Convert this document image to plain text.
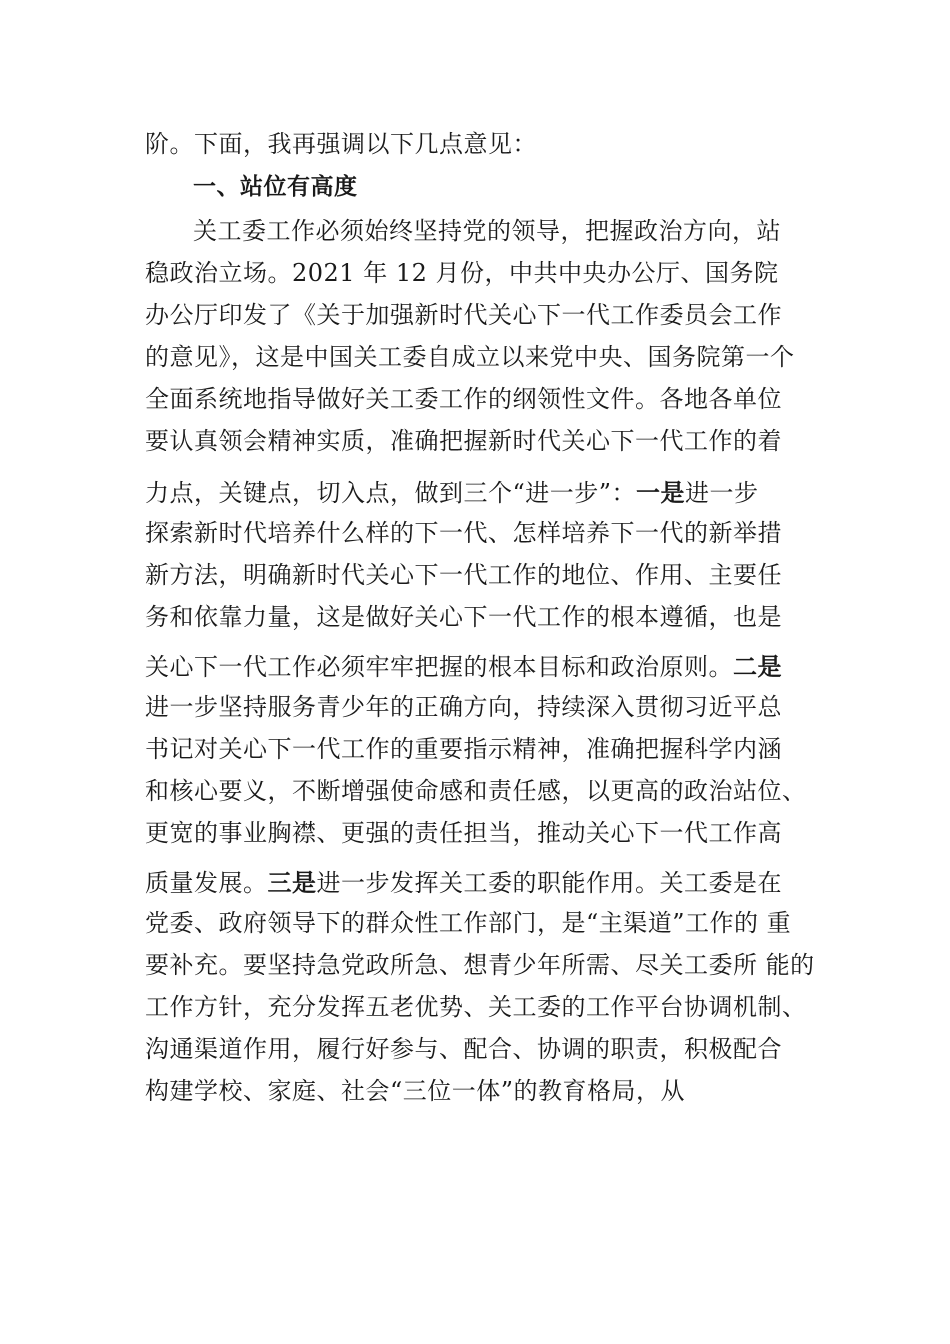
阶。下面，我再强调以下几点意见：
一、站位有高度
关工委工作必须始终坚持党的领导，把握政治方向，站
稳政治立场。2021 年 12 月份，中共中央办公厅、国务院
办公厅印发了《关于加强新时代关心下一代工作委员会工作
的意见》，这是中国关工委自成立以来党中央、国务院第一个
全面系统地指导做好关工委工作的纲领性文件。各地各单位
要认真领会精神实质，准确把握新时代关心下一代工作的着
力点，关键点，切入点，做到三个“进一步”：一是进一步
探索新时代培养什么样的下一代、怎样培养下一代的新举措
新方法，明确新时代关心下一代工作的地位、作用、主要任
务和依靠力量，这是做好关心下一代工作的根本遵循，也是
关心下一代工作必须牢牢把握的根本目标和政治原则。二是
进一步坚持服务青少年的正确方向，持续深入贯彻习近平总
书记对关心下一代工作的重要指示精神，准确把握科学内涵
和核心要义，不断增强使命感和责任感，以更高的政治站位、
更宽的事业胸襟、更强的责任担当，推动关心下一代工作高
质量发展。三是进一步发挥关工委的职能作用。关工委是在
党委、政府领导下的群众性工作部门，是“主渠道”工作的 重
要补充。要坚持急党政所急、想青少年所需、尽关工委所 能的
工作方针，充分发挥五老优势、关工委的工作平台协调机制、
沟通渠道作用，履行好参与、配合、协调的职责，积极配合
构建学校、家庭、社会“三位一体”的教育格局，从
